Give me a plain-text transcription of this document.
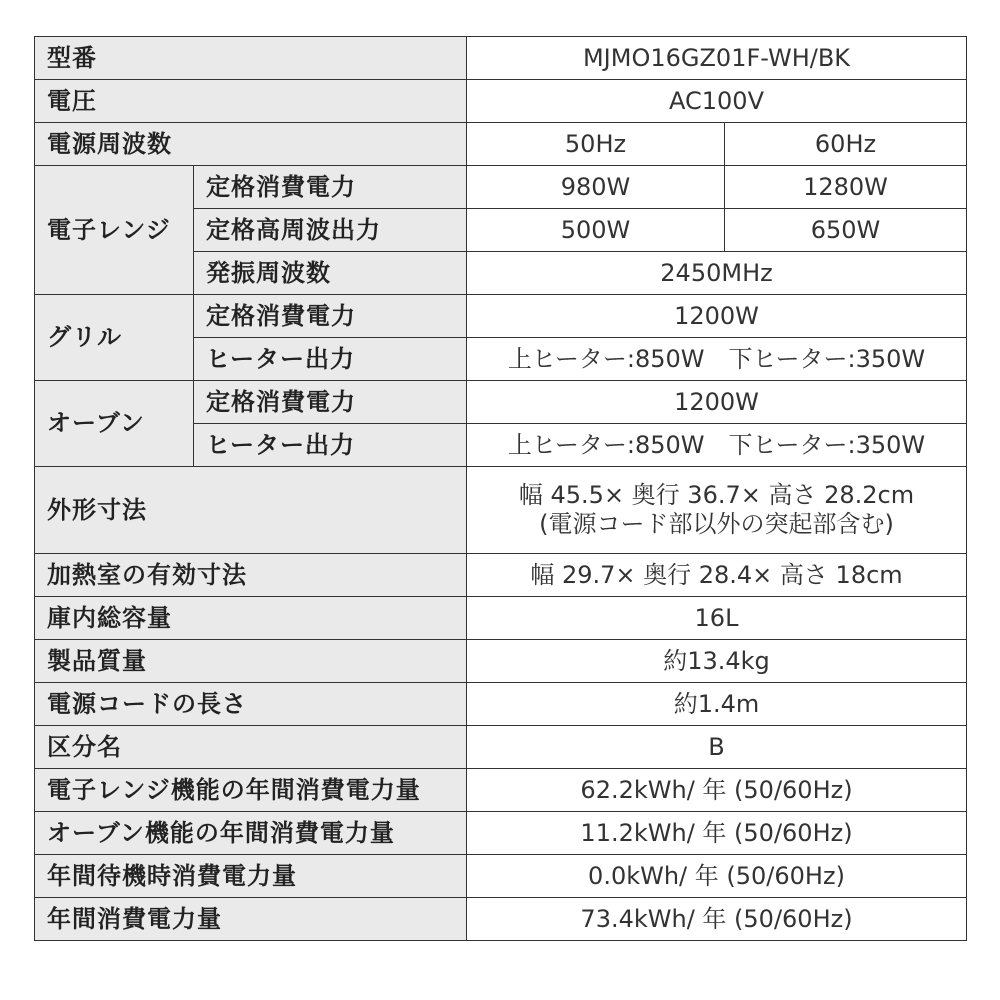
型番		MJMO16GZ01F-WH/BK	
電圧		AC100V	
電源周波数		50Hz	60Hz
電子レンジ	定格消費電力	980W	1280W
	定格高周波出力	500W	650W
	発振周波数	2450MHz	
グリル	定格消費電力	1200W	
	ヒーター出力	上ヒーター:850W　下ヒーター:350W	
オーブン	定格消費電力	1200W	
	ヒーター出力	上ヒーター:850W　下ヒーター:350W	
外形寸法		幅 45.5× 奥行 36.7× 高さ 28.2cm
(電源コード部以外の突起部含む)	

加熱室の有効寸法		幅 29.7× 奥行 28.4× 高さ 18cm	
庫内総容量		16L	
製品質量		約13.4kg	
電源コードの長さ		約1.4m	
区分名		B	
電子レンジ機能の年間消費電力量		62.2kWh/ 年 (50/60Hz)	
オーブン機能の年間消費電力量		11.2kWh/ 年 (50/60Hz)	
年間待機時消費電力量		0.0kWh/ 年 (50/60Hz)	
年間消費電力量		73.4kWh/ 年 (50/60Hz)	
